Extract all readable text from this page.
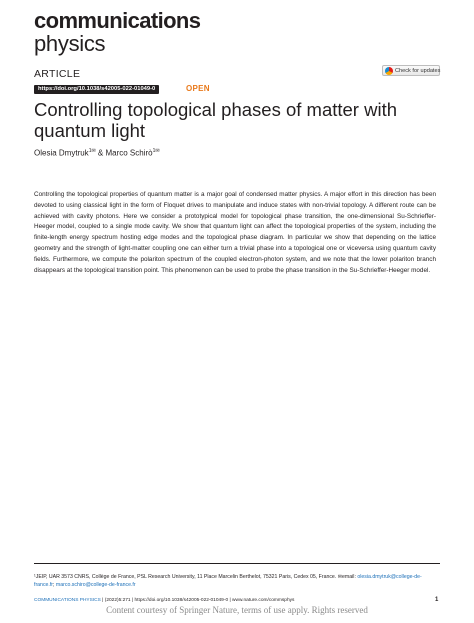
communications
physics
ARTICLE	Check for updates
https://doi.org/10.1038/s42005-022-01049-0	OPEN
Controlling topological phases of matter with quantum light
Olesia Dmytruk$^{1✉}$ & Marco Schirò$^{1✉}$

Controlling the topological properties of quantum matter is a major goal of condensed matter physics. A major effort in this direction has been devoted to using classical light in the form of Floquet drives to manipulate and induce states with non-trivial topology. A different route can be achieved with cavity photons. Here we consider a prototypical model for topological phase transition, the one-dimensional Su-Schrieffer-Heeger model, coupled to a single mode cavity. We show that quantum light can affect the topological properties of the system, including the finite-length energy spectrum hosting edge modes and the topological phase diagram. In particular we show that depending on the lattice geometry and the strength of light-matter coupling one can either turn a trivial phase into a topological one or viceversa using quantum cavity fields. Furthermore, we compute the polariton spectrum of the coupled electron-photon system, and we note that the lower polariton branch disappears at the topological transition point. This phenomenon can be used to probe the phase transition in the Su-Schrieffer-Heeger model.

¹JEIP, UAR 3573 CNRS, Collège de France, PSL Research University, 11 Place Marcelin Berthelot, 75321 Paris, Cedex 05, France. ✉email: olesia.dmytruk@college-de-france.fr; marco.schiro@college-de-france.fr

COMMUNICATIONS PHYSICS | (2022)5:271 | https://doi.org/10.1038/s42005-022-01049-0 | www.nature.com/commsphys	1
Content courtesy of Springer Nature, terms of use apply. Rights reserved
